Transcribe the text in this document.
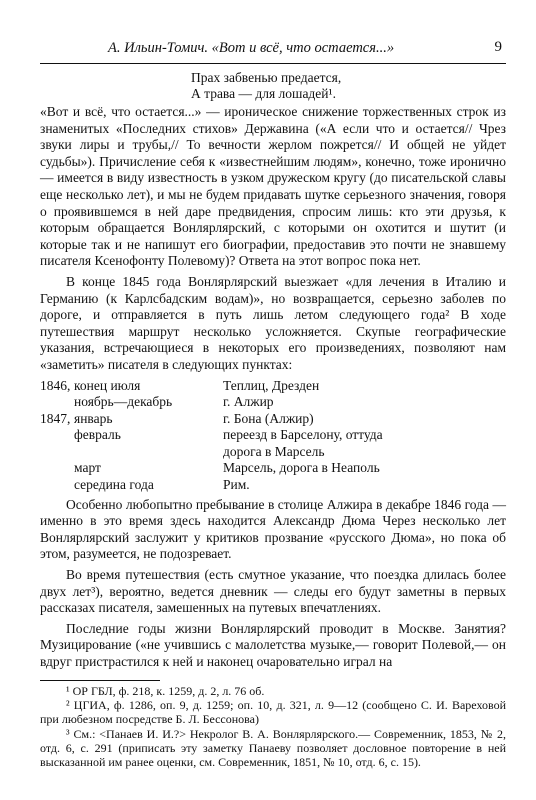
А. Ильин-Томич. «Вот и всё, что остается...»	9
Прах забвенью предается,
А трава — для лошадей¹.

«Вот и всё, что остается...» — ироническое снижение торжественных строк из знаменитых «Последних стихов» Державина («А если что и остается// Чрез звуки лиры и трубы,// То вечности жерлом пожрется// И общей не уйдет судьбы»). Причисление себя к «известнейшим людям», конечно, тоже иронично — имеется в виду известность в узком дружеском кругу (до писательской славы еще несколько лет), и мы не будем придавать шутке серьезного значения, говоря о проявившемся в ней даре предвидения, спросим лишь: кто эти друзья, к которым обращается Вонлярлярский, с которыми он охотится и шутит (и которые так и не напишут его биографии, предоставив это почти не знавшему писателя Ксенофонту Полевому)? Ответа на этот вопрос пока нет.

В конце 1845 года Вонлярлярский выезжает «для лечения в Италию и Германию (к Карлсбадским водам)», но возвращается, серьезно заболев по дороге, и отправляется в путь лишь летом следующего года² В ходе путешествия маршрут несколько усложняется. Скупые географические указания, встречающиеся в некоторых его произведениях, позволяют нам «заметить» писателя в следующих пунктах:

1846, конец июля	Теплиц, Дрезден
ноябрь—декабрь	г. Алжир
1847, январь	г. Бона (Алжир)
февраль	переезд в Барселону, оттуда
дорога в Марсель
март	Марсель, дорога в Неаполь
середина года	Рим.

Особенно любопытно пребывание в столице Алжира в декабре 1846 года — именно в это время здесь находится Александр Дюма Через несколько лет Вонлярлярский заслужит у критиков прозвание «русского Дюма», но пока об этом, разумеется, не подозревает.

Во время путешествия (есть смутное указание, что поездка длилась более двух лет³), вероятно, ведется дневник — следы его будут заметны в первых рассказах писателя, замешенных на путевых впечатлениях.

Последние годы жизни Вонлярлярский проводит в Москве. Занятия? Музицирование («не учившись с малолетства музыке,— говорит Полевой,— он вдруг пристрастился к ней и наконец очаровательно играл на

¹ ОР ГБЛ, ф. 218, к. 1259, д. 2, л. 76 об.

² ЦГИА, ф. 1286, оп. 9, д. 1259; оп. 10, д. 321, л. 9—12 (сообщено С. И. Вареховой при любезном посредстве Б. Л. Бессонова)

³ См.: <Панаев И. И.?> Некролог В. А. Вонлярлярского.— Современник, 1853, № 2, отд. 6, с. 291 (приписать эту заметку Панаеву позволяет дословное повторение в ней высказанной им ранее оценки, см. Современник, 1851, № 10, отд. 6, с. 15).
